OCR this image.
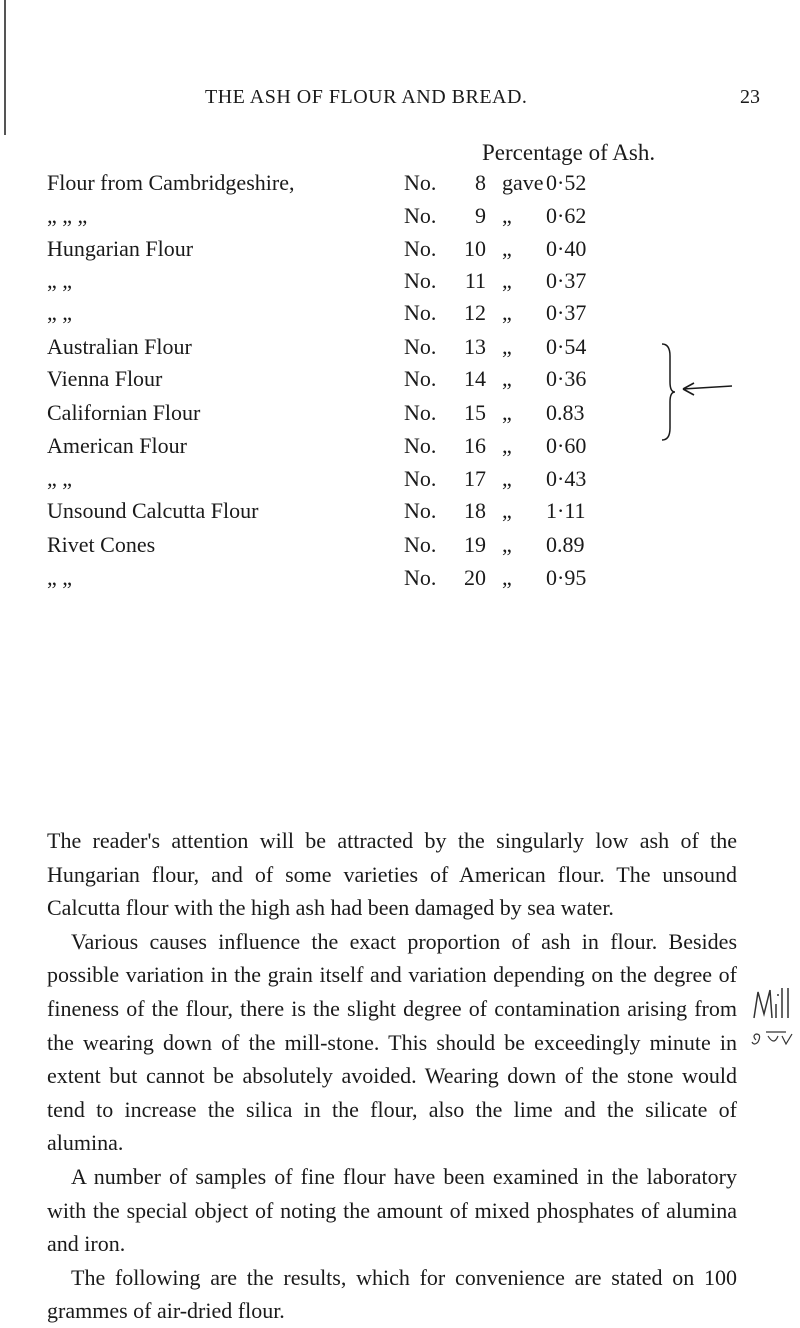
THE ASH OF FLOUR AND BREAD.	23
Percentage of Ash.
Flour from Cambridgeshire,	No.	8 gave 0·52
„ „ „	No.	9 „ 0·62
Hungarian Flour	No.	10 „ 0·40
„ „	No.	11 „ 0·37
„ „	No.	12 „ 0·37
Australian Flour	No.	13 „ 0·54
Vienna Flour	No.	14 „ 0·36
Californian Flour	No.	15 „ 0.83
American Flour	No.	16 „ 0·60
„ „	No.	17 „ 0·43
Unsound Calcutta Flour	No.	18 „ 1·11
Rivet Cones	No.	19 „ 0.89
„ „	No.	20 „ 0·95

The reader's attention will be attracted by the singularly low ash of the Hungarian flour, and of some varieties of American flour. The unsound Calcutta flour with the high ash had been damaged by sea water.

Various causes influence the exact proportion of ash in flour. Besides possible variation in the grain itself and variation depending on the degree of fineness of the flour, there is the slight degree of contamination arising from the wearing down of the mill-stone. This should be exceedingly minute in extent but cannot be absolutely avoided. Wearing down of the stone would tend to increase the silica in the flour, also the lime and the silicate of alumina.

A number of samples of fine flour have been examined in the laboratory with the special object of noting the amount of mixed phosphates of alumina and iron.

The following are the results, which for convenience are stated on 100 grammes of air-dried flour.
